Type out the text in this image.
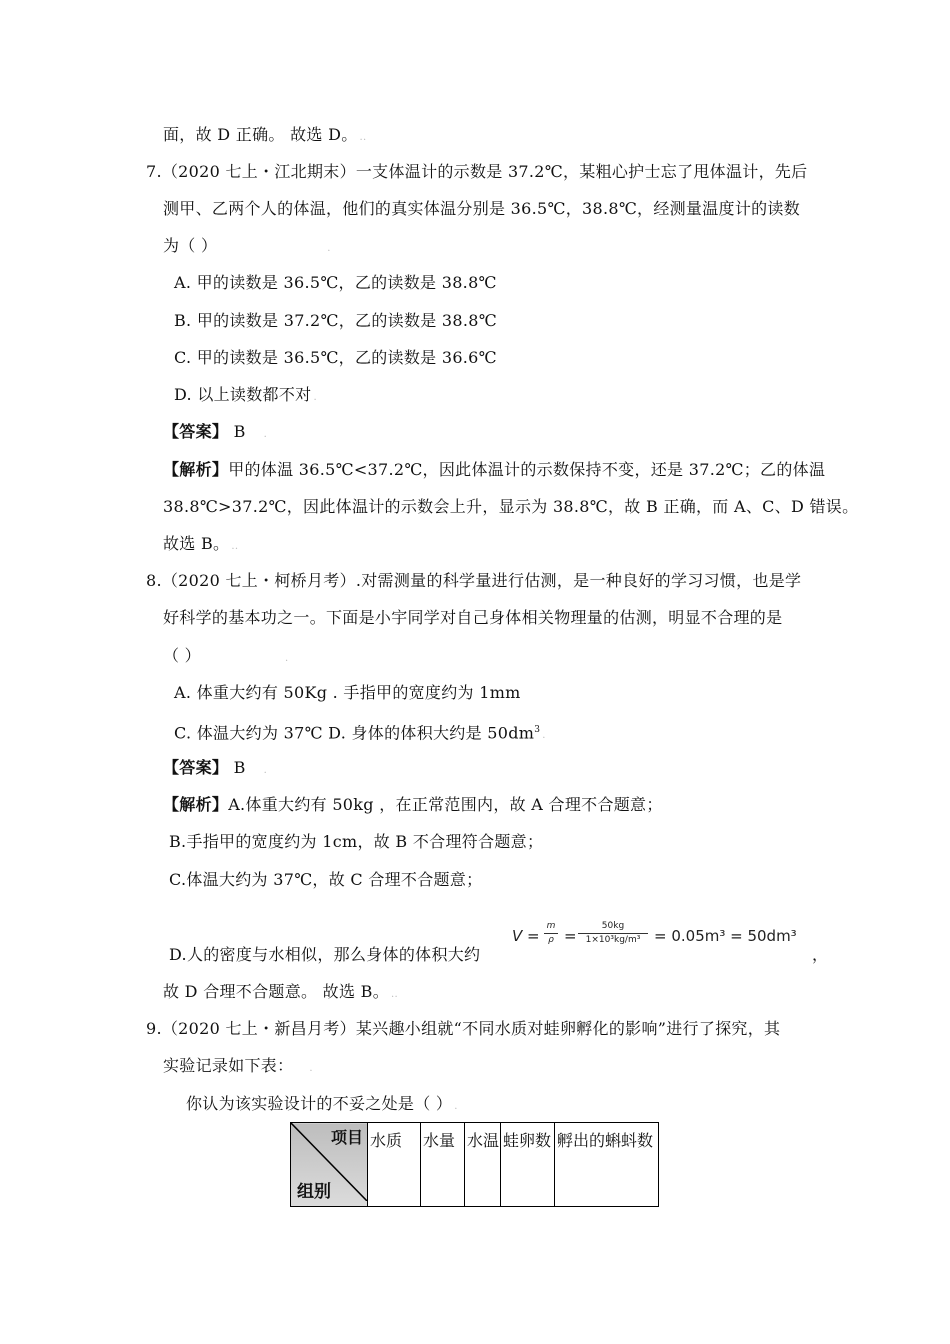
面，故 D 正确。 故选 D。 ..
7.（2020 七上・江北期末）一支体温计的示数是 37.2℃，某粗心护士忘了甩体温计，先后
测甲、乙两个人的体温，他们的真实体温分别是 36.5℃，38.8℃，经测量温度计的读数
为（ ）	.
A. 甲的读数是 36.5℃，乙的读数是 38.8℃
B. 甲的读数是 37.2℃，乙的读数是 38.8℃
C. 甲的读数是 36.5℃，乙的读数是 36.6℃
D. 以上读数都不对 .
【答案】 B .
【解析】甲的体温 36.5℃<37.2℃，因此体温计的示数保持不变，还是 37.2℃；乙的体温
38.8℃>37.2℃，因此体温计的示数会上升，显示为 38.8℃，故 B 正确，而 A、C、D 错误。
故选 B。 ..
8.（2020 七上・柯桥月考）.对需测量的科学量进行估测，是一种良好的学习习惯，也是学
好科学的基本功之一。下面是小宇同学对自己身体相关物理量的估测，明显不合理的是
（ ）	.
A. 体重大约有 50Kg . 手指甲的宽度约为 1mm
C. 体温大约为 37℃ D. 身体的体积大约是 $50dm^3$.
【答案】 B .
【解析】A.体重大约有 50kg ，在正常范围内，故 A 合理不合题意；
B.手指甲的宽度约为 1cm，故 B 不合理符合题意；
C.体温大约为 37℃，故 C 合理不合题意；
D.人的密度与水相似，那么身体的体积大约
V =
m
ρ =
50kg
1×10³kg/m³ = 0.05m³ = 50dm³
，
故 D 合理不合题意。 故选 B。 ..
9.（2020 七上・新昌月考）某兴趣小组就“不同水质对蛙卵孵化的影响”进行了探究，其
实验记录如下表： .
你认为该实验设计的不妥之处是（ ） .
项目
组别
	水质	水量	水温	蛙卵数	孵出的蝌蚪数
